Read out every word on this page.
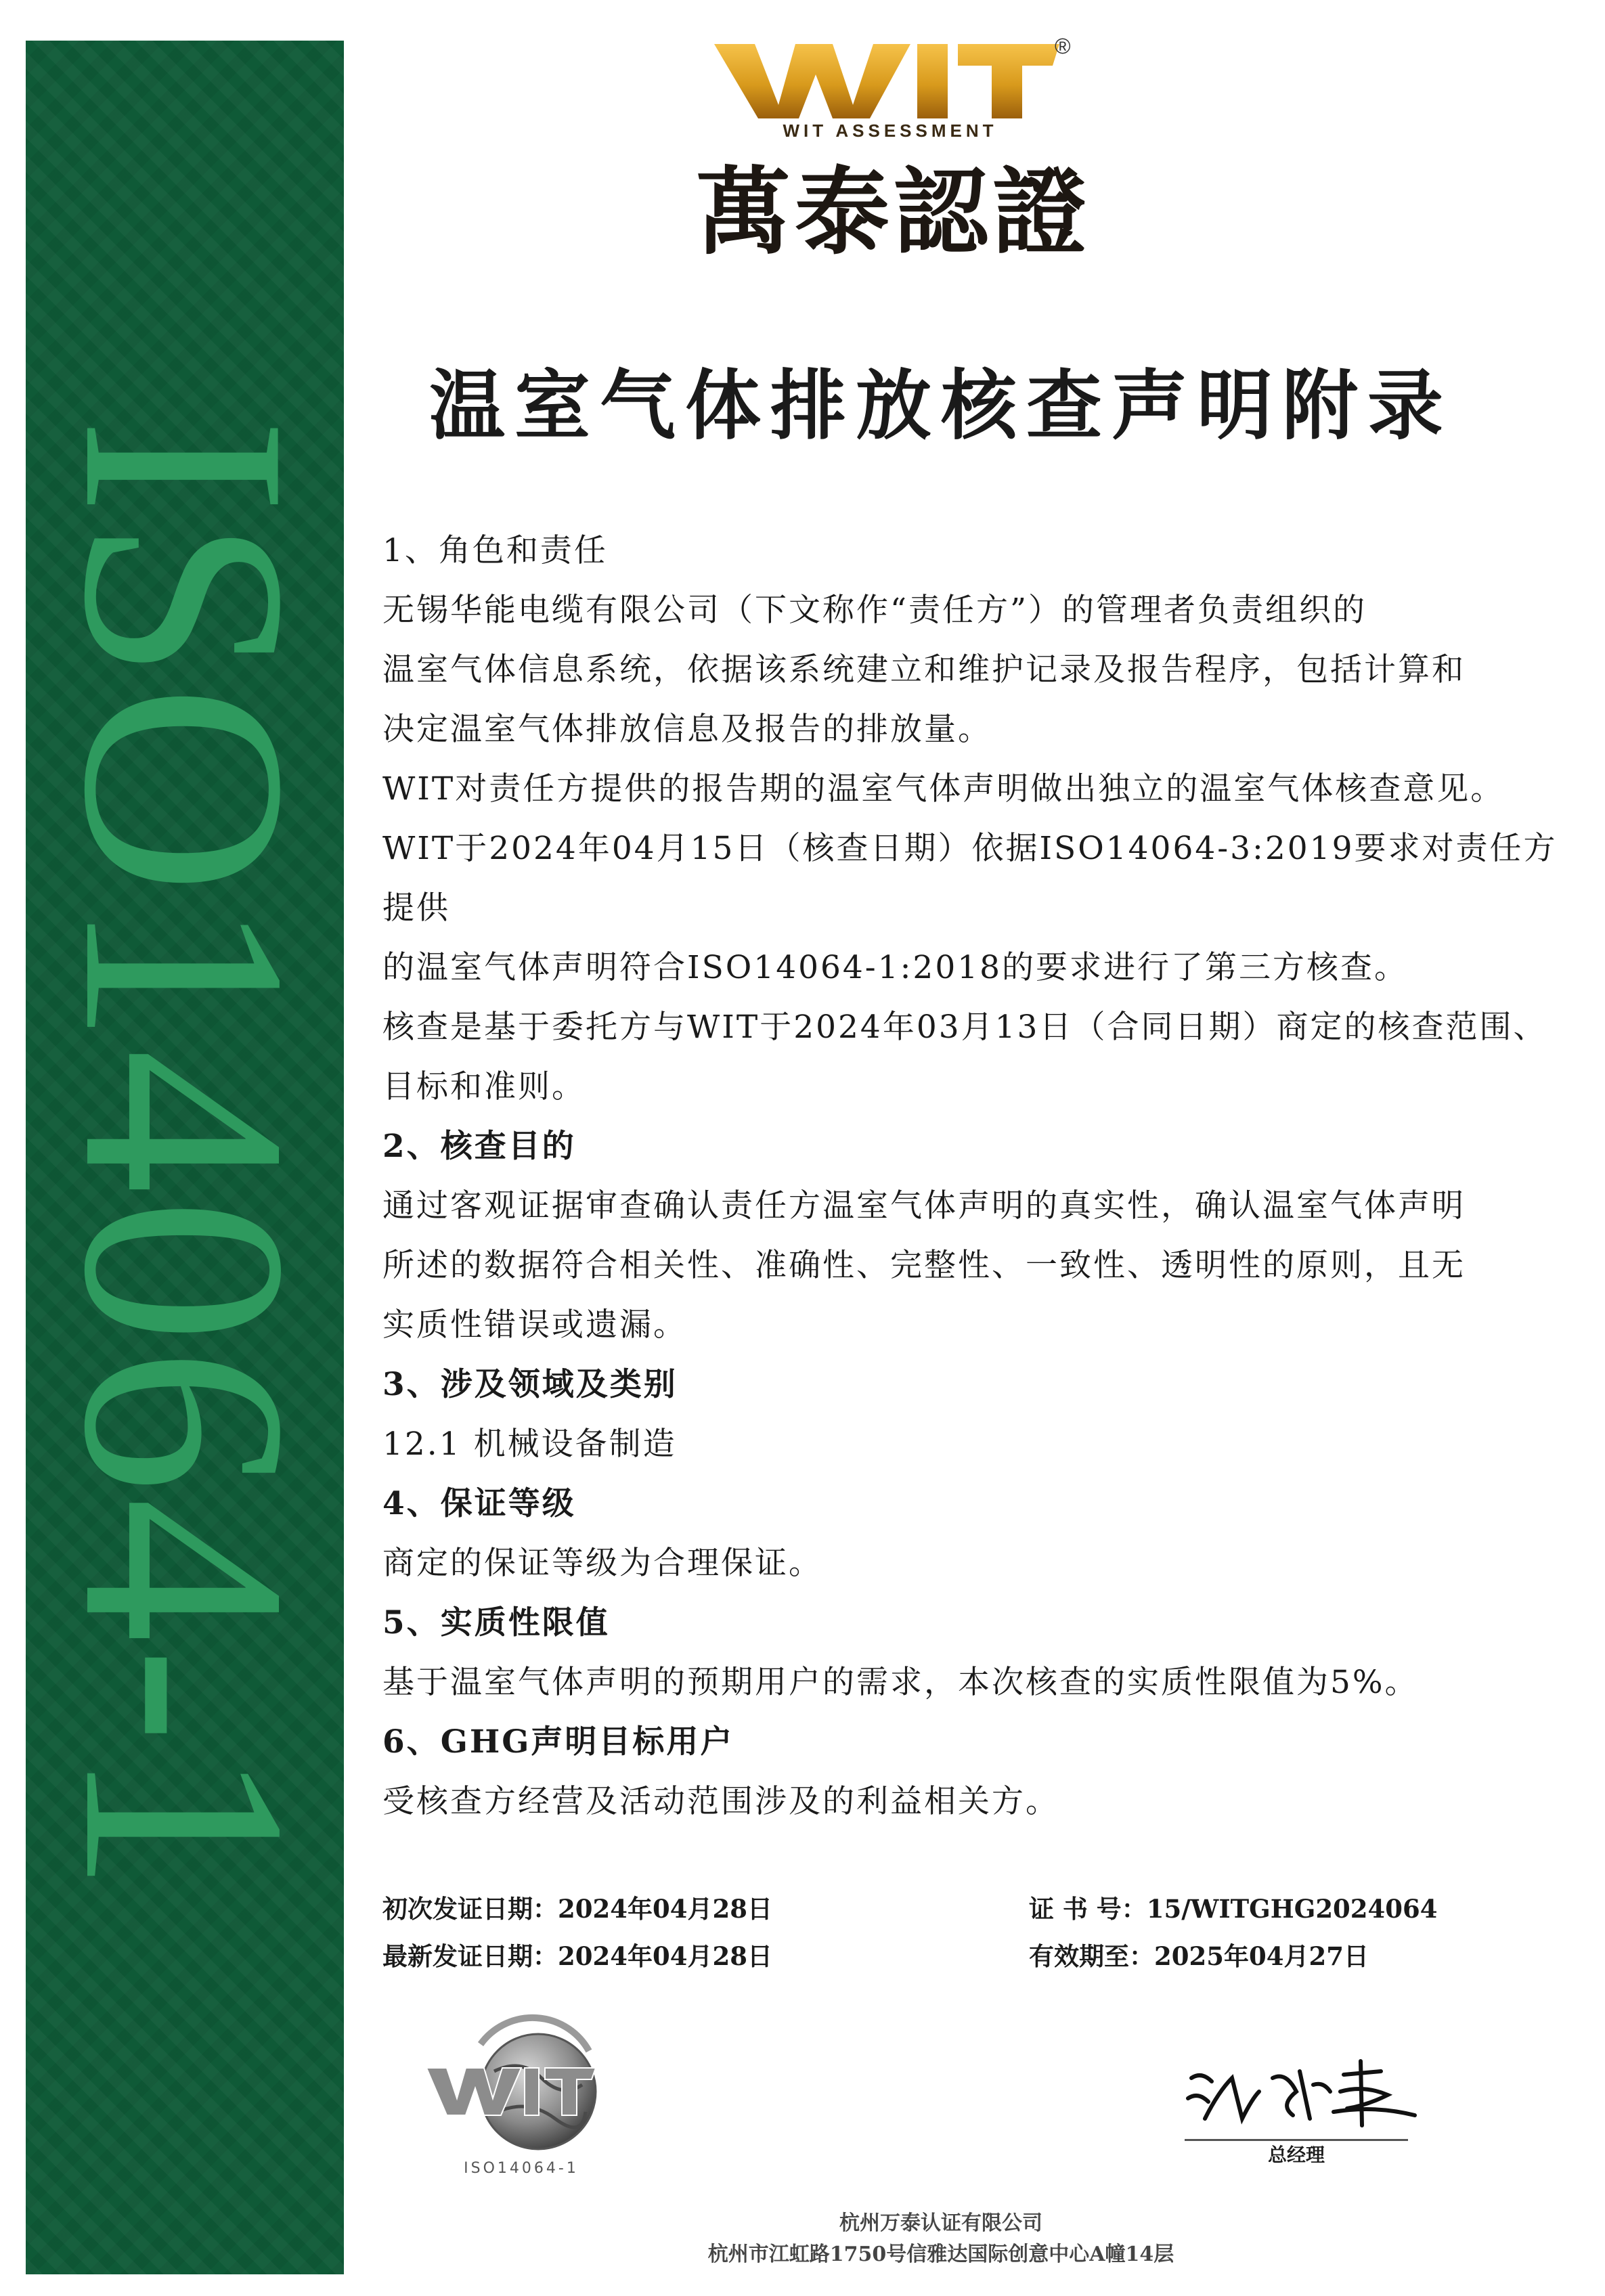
ISO14064-1
WIT ASSESSMENT
®
萬泰認證
温室气体排放核查声明附录

1、角色和责任

无锡华能电缆有限公司（下文称作“责任方”）的管理者负责组织的

温室气体信息系统，依据该系统建立和维护记录及报告程序，包括计算和

决定温室气体排放信息及报告的排放量。

WIT对责任方提供的报告期的温室气体声明做出独立的温室气体核查意见。

WIT于2024年04月15日（核查日期）依据ISO14064-3:2019要求对责任方提供

的温室气体声明符合ISO14064-1:2018的要求进行了第三方核查。

核查是基于委托方与WIT于2024年03月13日（合同日期）商定的核查范围、

目标和准则。

2、核查目的

通过客观证据审查确认责任方温室气体声明的真实性，确认温室气体声明

所述的数据符合相关性、准确性、完整性、一致性、透明性的原则，且无

实质性错误或遗漏。

3、涉及领域及类别

12.1 机械设备制造

4、保证等级

商定的保证等级为合理保证。

5、实质性限值

基于温室气体声明的预期用户的需求，本次核查的实质性限值为5%。

6、GHG声明目标用户

受核查方经营及活动范围涉及的利益相关方。

初次发证日期：2024年04月28日
最新发证日期：2024年04月28日
证 书 号：15/WITGHG2024064
有效期至：2025年04月27日
ISO14064-1
总经理
杭州万泰认证有限公司
杭州市江虹路1750号信雅达国际创意中心A幢14层
